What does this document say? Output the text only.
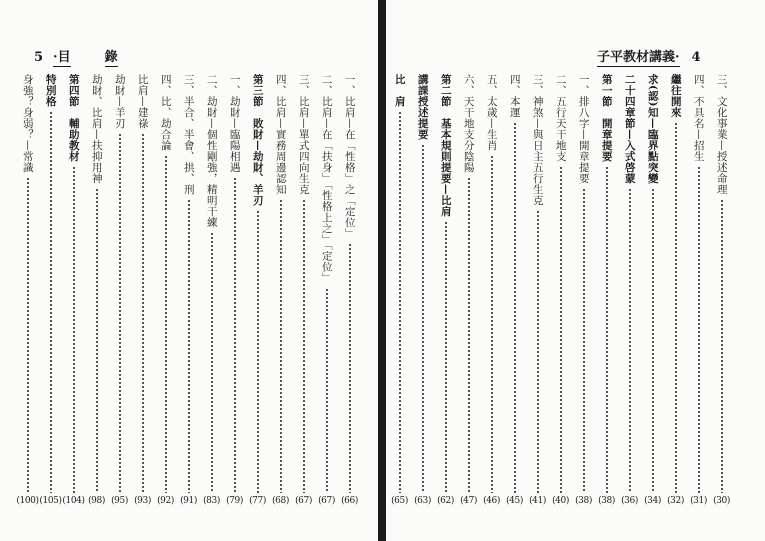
5 ·目	錄	子平教材講義· 4
一、比肩—在「性格」之「定位」
(66)
二、比肩—在「扶身」「性格上之」「定位」
(67)
三、比肩—單式四向生克
(67)
四、比肩—實務周邊認知
(68)
第三節　敗財—劫財、羊刃
(77)
一、劫財—臨陽相遇
(79)
二、劫財—個性剛強，精明干練
(83)
三、半合、半會、拱、刑
(91)
四、比、劫合論
(92)
比肩—建祿
(93)
劫財—羊刃
(95)
劫財、比肩—扶抑用神
(98)
第四節　輔助教材
(104)
特別格
(105)
身強？身弱？—常識
(100)
三、文化事業—授述命理
(30)
四、不具名—招生
(31)
繼往開來
(32)
求(認)知—臨界點突變
(34)
二十四章節—入式啓蒙
(36)
第一節　開章提要
(38)
一、排八字—開章提要
(38)
二、五行天干地支
(40)
三、神煞—與日主五行生克
(41)
四、本運
(45)
五、太歲—生肖
(46)
六、天干地支分陰陽
(47)
第二節　基本規則提要—比肩
(62)
講課授述提要
(63)
比　肩
(65)
